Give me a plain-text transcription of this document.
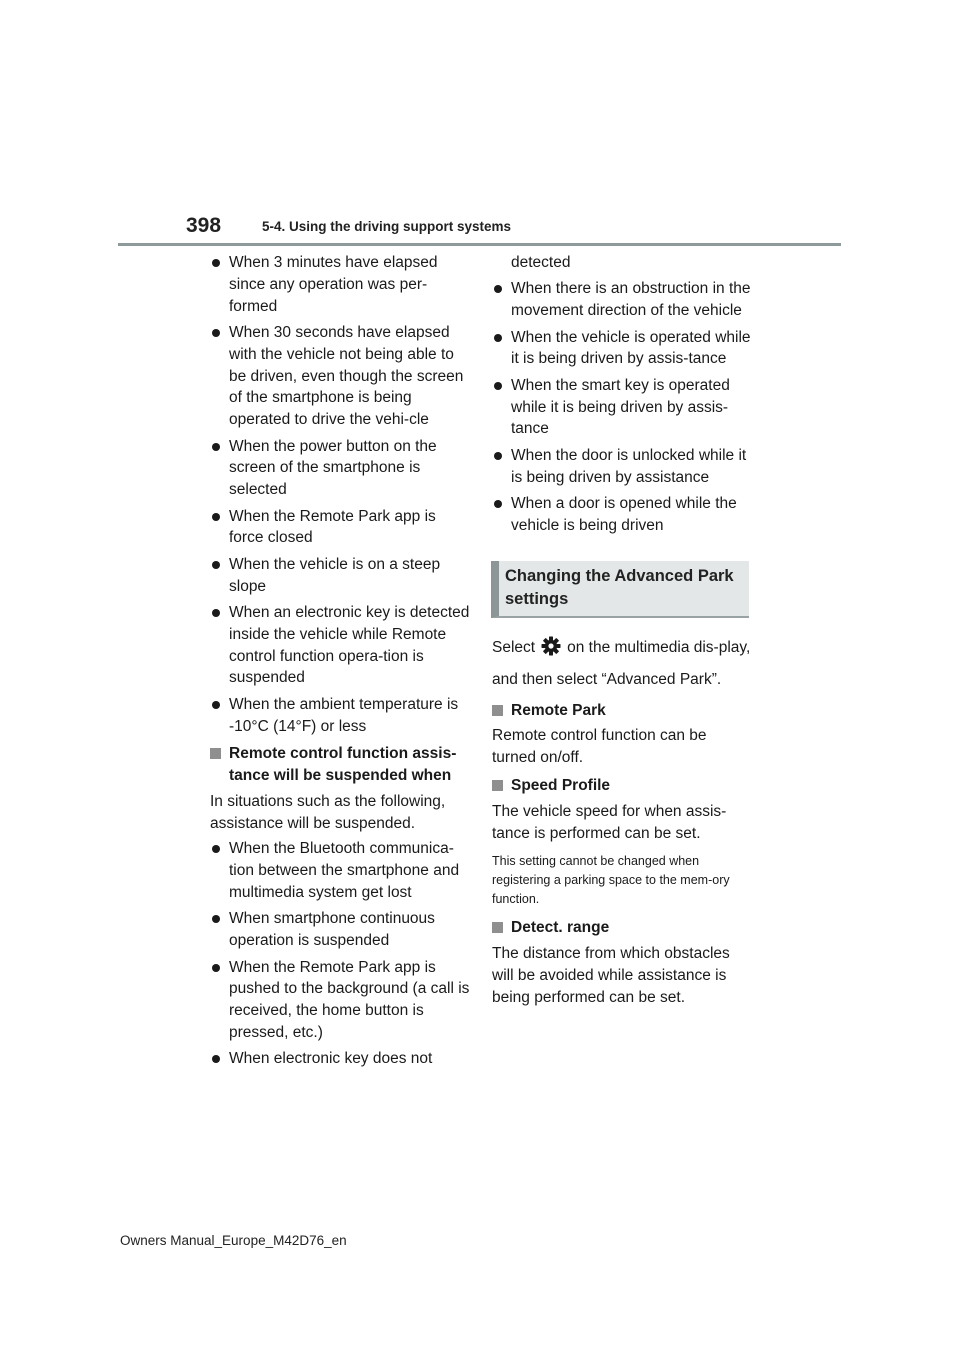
398	5-4. Using the driving support systems
When 3 minutes have elapsed since any operation was per-formed
When 30 seconds have elapsed with the vehicle not being able to be driven, even though the screen of the smartphone is being operated to drive the vehi-cle
When the power button on the screen of the smartphone is selected
When the Remote Park app is force closed
When the vehicle is on a steep slope
When an electronic key is detected inside the vehicle while Remote control function opera-tion is suspended
When the ambient temperature is -10°C (14°F) or less
Remote control function assis-tance will be suspended when
In situations such as the following, assistance will be suspended.
When the Bluetooth communica-tion between the smartphone and multimedia system get lost
When smartphone continuous operation is suspended
When the Remote Park app is pushed to the background (a call is received, the home button is pressed, etc.)
When electronic key does not
detected
When there is an obstruction in the movement direction of the vehicle
When the vehicle is operated while it is being driven by assis-tance
When the smart key is operated while it is being driven by assis-tance
When the door is unlocked while it is being driven by assistance
When a door is opened while the vehicle is being driven
Changing the Advanced Park settings
Select on the multimedia dis-play, and then select “Advanced Park”.
Remote Park
Remote control function can be turned on/off.
Speed Profile
The vehicle speed for when assis-tance is performed can be set.
This setting cannot be changed when registering a parking space to the mem-ory function.
Detect. range
The distance from which obstacles will be avoided while assistance is being performed can be set.
Owners Manual_Europe_M42D76_en
